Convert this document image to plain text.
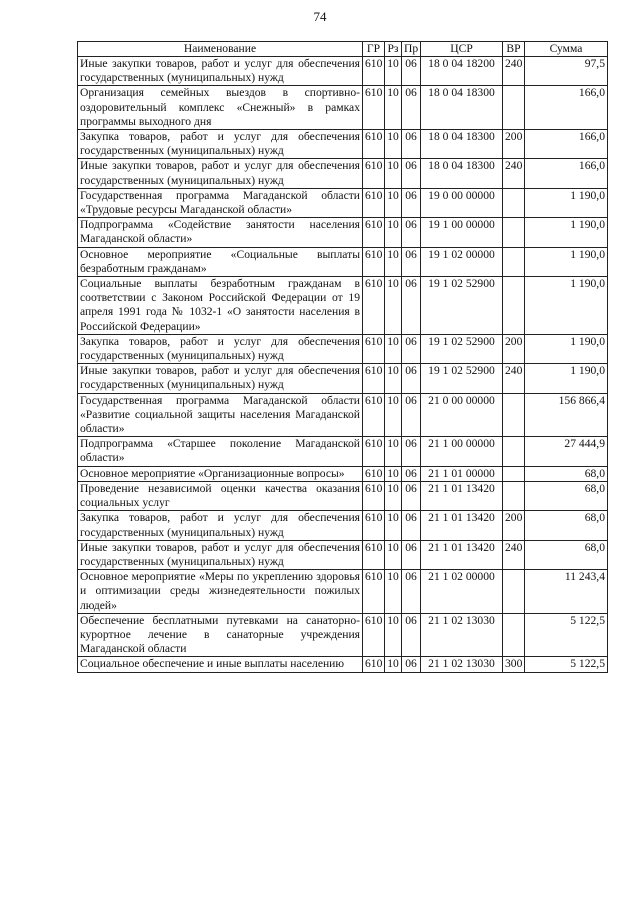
74
Наименование	ГР	Рз	Пр	ЦСР	ВР	Сумма
Иные закупки товаров, работ и услуг для обеспечения государственных (муниципальных) нужд	610	10	06	18 0 04 18200	240	97,5
Организация семейных выездов в спортивно-оздоровительный комплекс «Снежный» в рамках программы выходного дня	610	10	06	18 0 04 18300		166,0
Закупка товаров, работ и услуг для обеспечения государственных (муниципальных) нужд	610	10	06	18 0 04 18300	200	166,0
Иные закупки товаров, работ и услуг для обеспечения государственных (муниципальных) нужд	610	10	06	18 0 04 18300	240	166,0
Государственная программа Магаданской области «Трудовые ресурсы Магаданской области»	610	10	06	19 0 00 00000		1 190,0
Подпрограмма «Содействие занятости населения Магаданской области»	610	10	06	19 1 00 00000		1 190,0
Основное мероприятие «Социальные выплаты безработным гражданам»	610	10	06	19 1 02 00000		1 190,0
Социальные выплаты безработным гражданам в соответствии с Законом Российской Федерации от 19 апреля 1991 года № 1032-1 «О занятости населения в Российской Федерации»	610	10	06	19 1 02 52900		1 190,0
Закупка товаров, работ и услуг для обеспечения государственных (муниципальных) нужд	610	10	06	19 1 02 52900	200	1 190,0
Иные закупки товаров, работ и услуг для обеспечения государственных (муниципальных) нужд	610	10	06	19 1 02 52900	240	1 190,0
Государственная программа Магаданской области «Развитие социальной защиты населения Магаданской области»	610	10	06	21 0 00 00000		156 866,4
Подпрограмма «Старшее поколение Магаданской области»	610	10	06	21 1 00 00000		27 444,9
Основное мероприятие «Организационные вопросы»	610	10	06	21 1 01 00000		68,0
Проведение независимой оценки качества оказания социальных услуг	610	10	06	21 1 01 13420		68,0
Закупка товаров, работ и услуг для обеспечения государственных (муниципальных) нужд	610	10	06	21 1 01 13420	200	68,0
Иные закупки товаров, работ и услуг для обеспечения государственных (муниципальных) нужд	610	10	06	21 1 01 13420	240	68,0
Основное мероприятие «Меры по укреплению здоровья и оптимизации среды жизнедеятельности пожилых людей»	610	10	06	21 1 02 00000		11 243,4
Обеспечение бесплатными путевками на санаторно-курортное лечение в санаторные учреждения Магаданской области	610	10	06	21 1 02 13030		5 122,5
Социальное обеспечение и иные выплаты населению	610	10	06	21 1 02 13030	300	5 122,5
